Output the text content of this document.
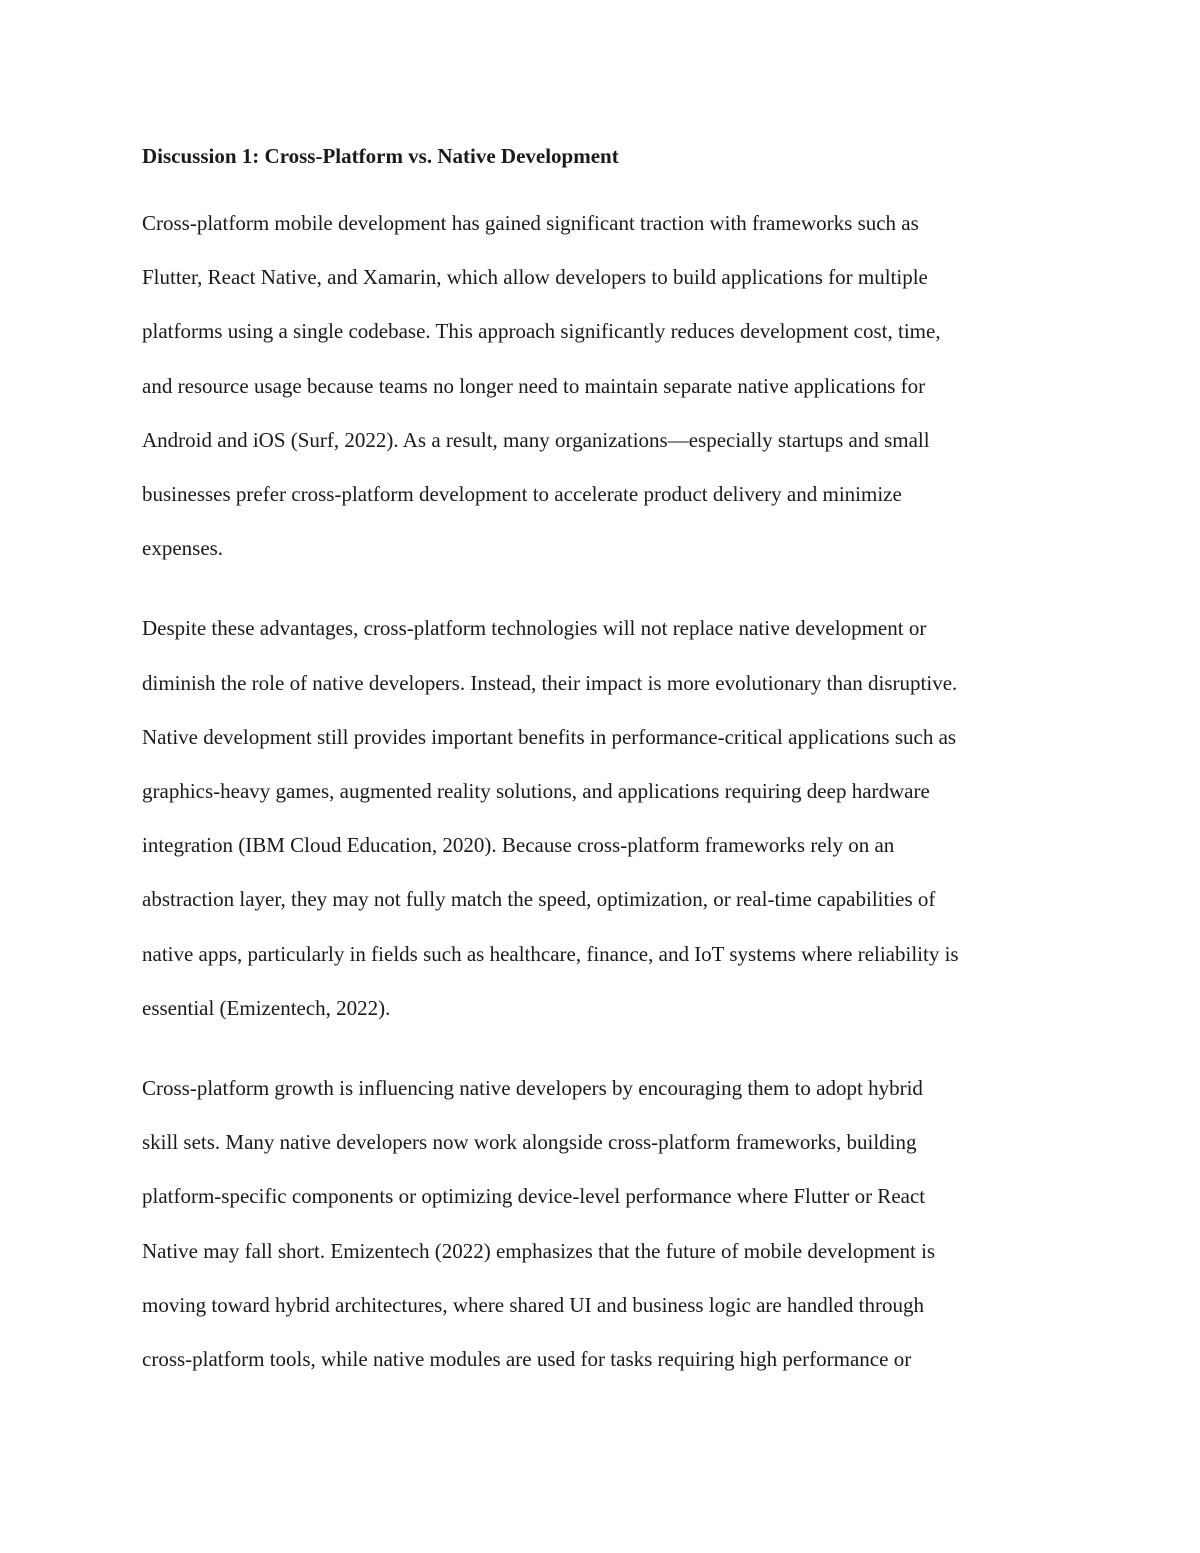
Discussion 1: Cross-Platform vs. Native Development

Cross-platform mobile development has gained significant traction with frameworks such as
Flutter, React Native, and Xamarin, which allow developers to build applications for multiple
platforms using a single codebase. This approach significantly reduces development cost, time,
and resource usage because teams no longer need to maintain separate native applications for
Android and iOS (Surf, 2022). As a result, many organizations—especially startups and small
businesses prefer cross-platform development to accelerate product delivery and minimize
expenses.

Despite these advantages, cross-platform technologies will not replace native development or
diminish the role of native developers. Instead, their impact is more evolutionary than disruptive.
Native development still provides important benefits in performance-critical applications such as
graphics-heavy games, augmented reality solutions, and applications requiring deep hardware
integration (IBM Cloud Education, 2020). Because cross-platform frameworks rely on an
abstraction layer, they may not fully match the speed, optimization, or real-time capabilities of
native apps, particularly in fields such as healthcare, finance, and IoT systems where reliability is
essential (Emizentech, 2022).

Cross-platform growth is influencing native developers by encouraging them to adopt hybrid
skill sets. Many native developers now work alongside cross-platform frameworks, building
platform-specific components or optimizing device-level performance where Flutter or React
Native may fall short. Emizentech (2022) emphasizes that the future of mobile development is
moving toward hybrid architectures, where shared UI and business logic are handled through
cross-platform tools, while native modules are used for tasks requiring high performance or
